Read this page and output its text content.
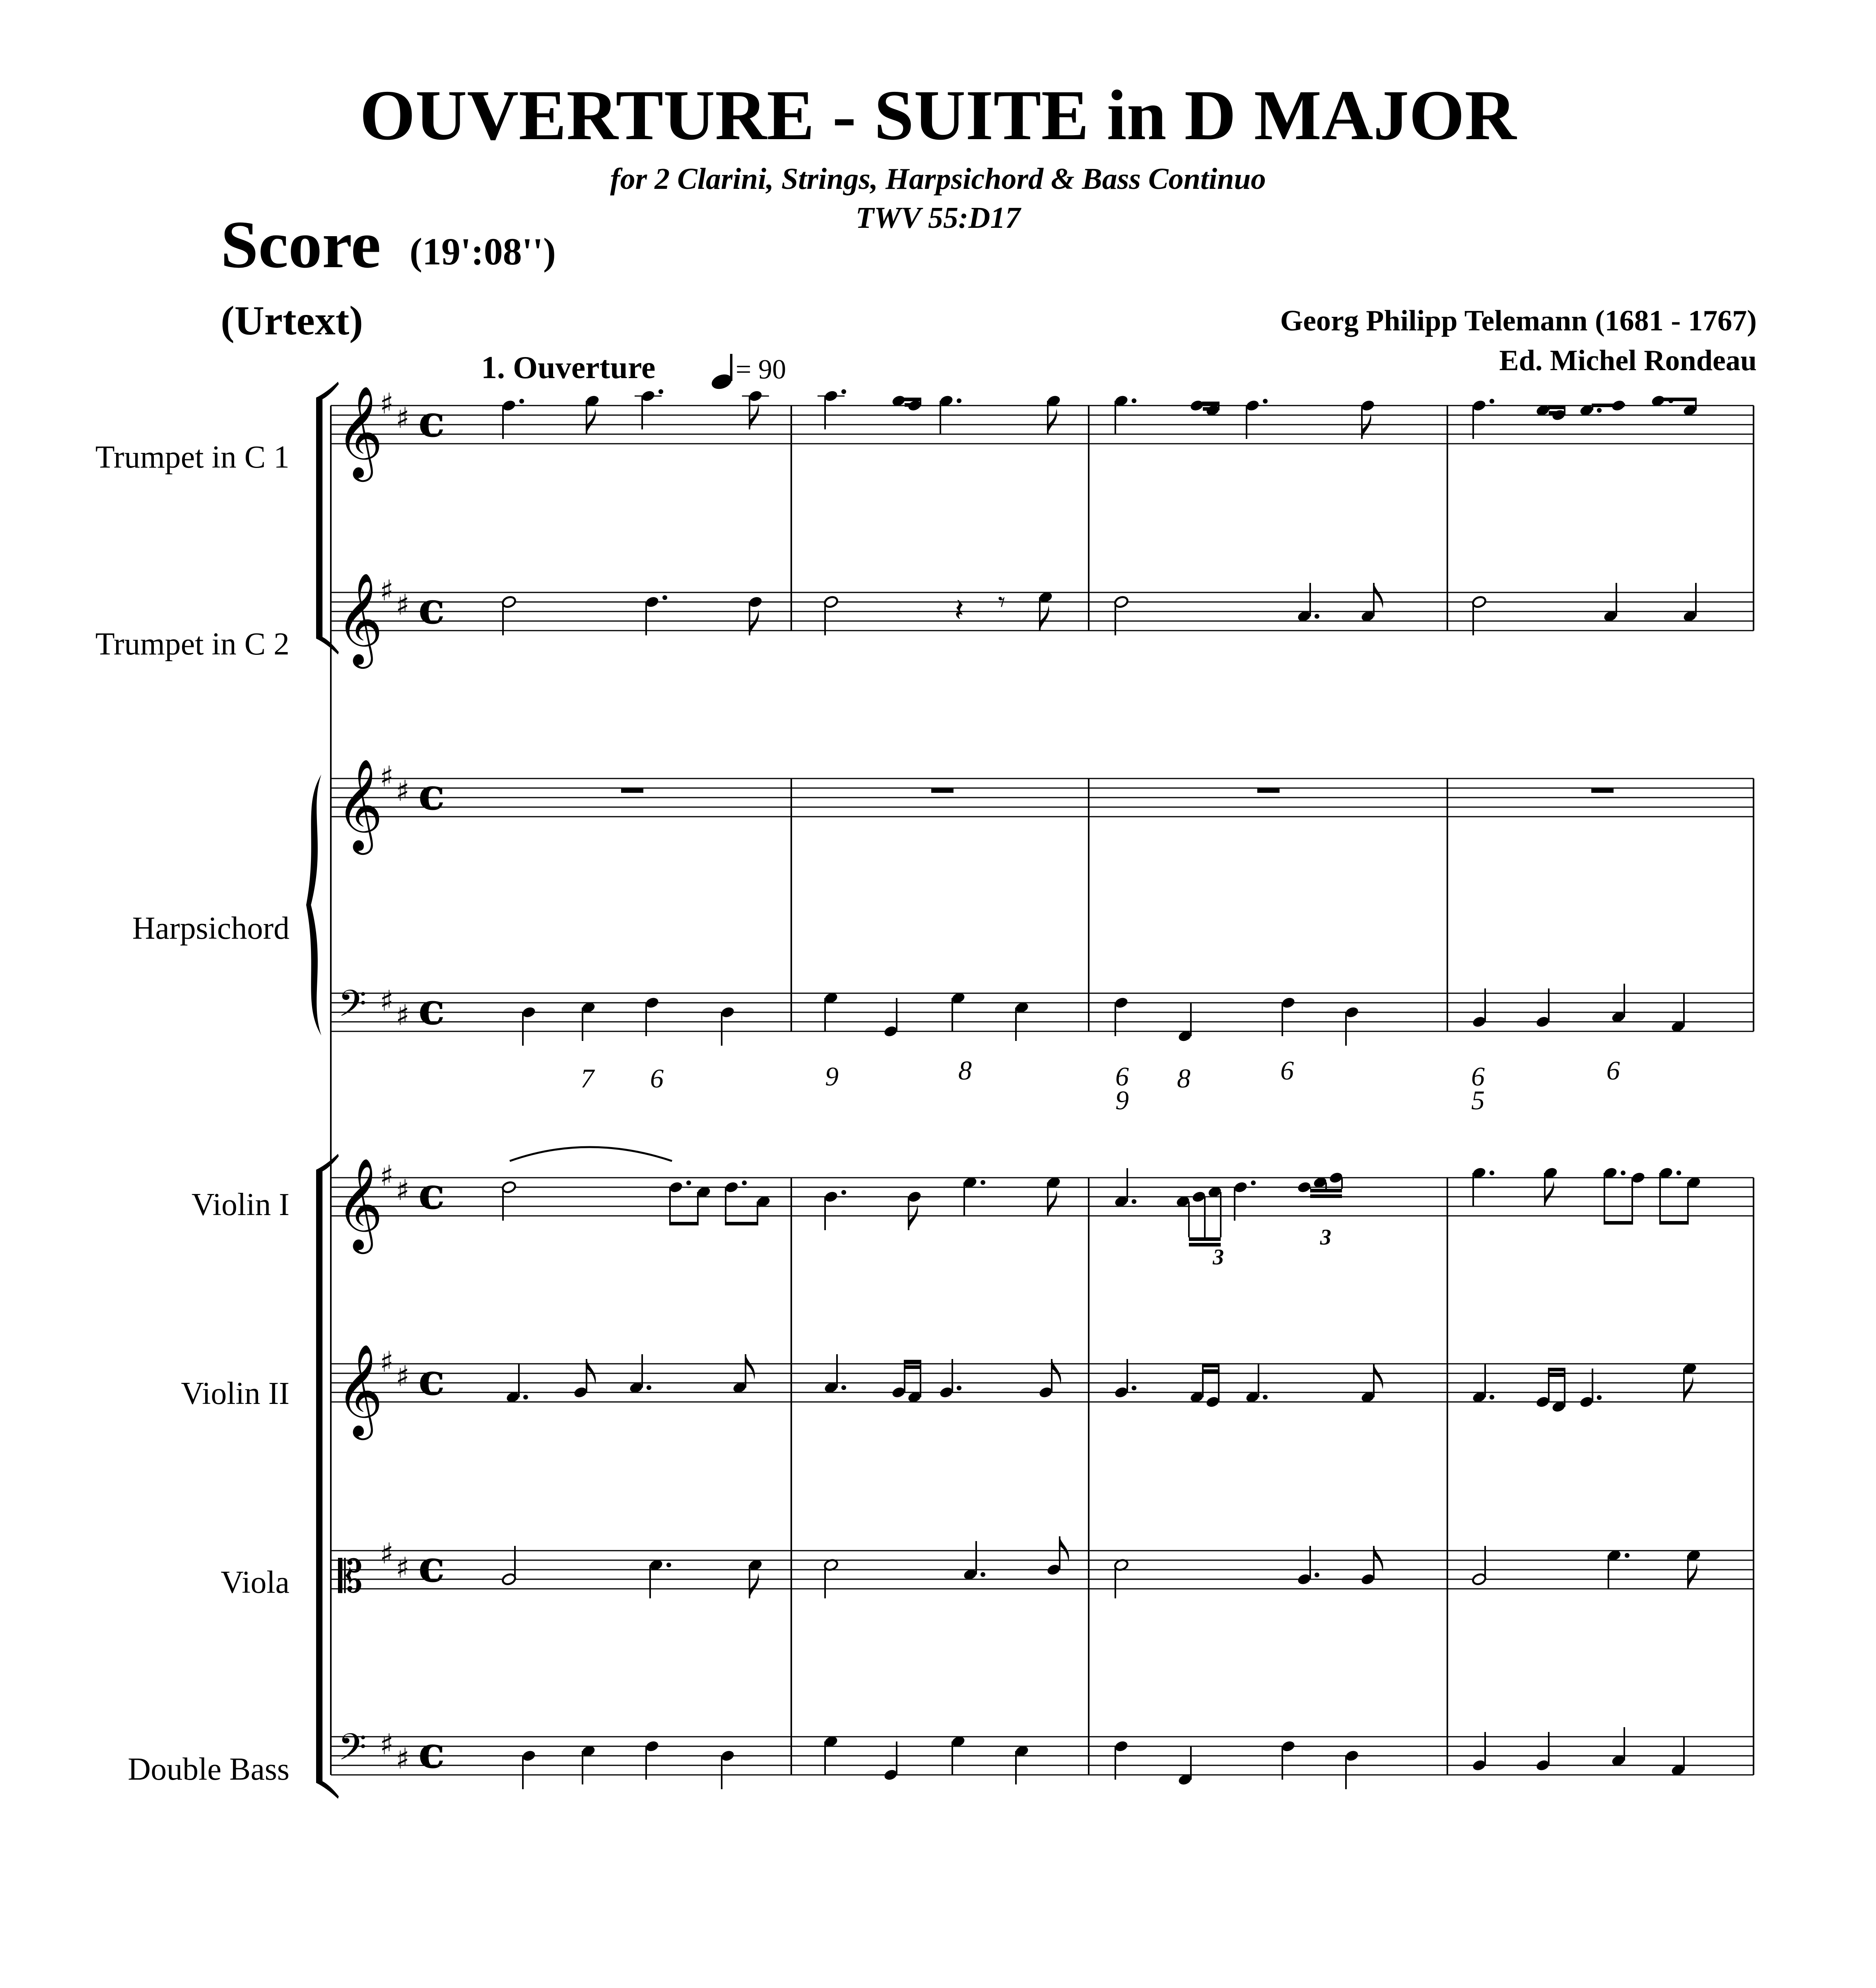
OUVERTURE - SUITE in D MAJOR
for 2 Clarini, Strings, Harpsichord & Bass Continuo
TWV 55:D17
Score (19':08'')
(Urtext)	Georg Philipp Telemann (1681 - 1767)
Ed. Michel Rondeau
1. Ouverture	= 90
Trumpet in C 1
Trumpet in C 2
Harpsichord
Violin I
Violin II
Viola
Double Bass
𝄞
♯ ♯ c
𝄞
♯ ♯ c
𝄞
♯ ♯ c
𝄢 ♯ ♯ c
𝄞
♯ ♯ c
𝄞
♯ ♯ c
𝄡 ♯ ♯ c
𝄢 ♯ ♯ c
𝄽 𝄾
7 6	9	8	6
9
8	6	6
5
6
3
3
